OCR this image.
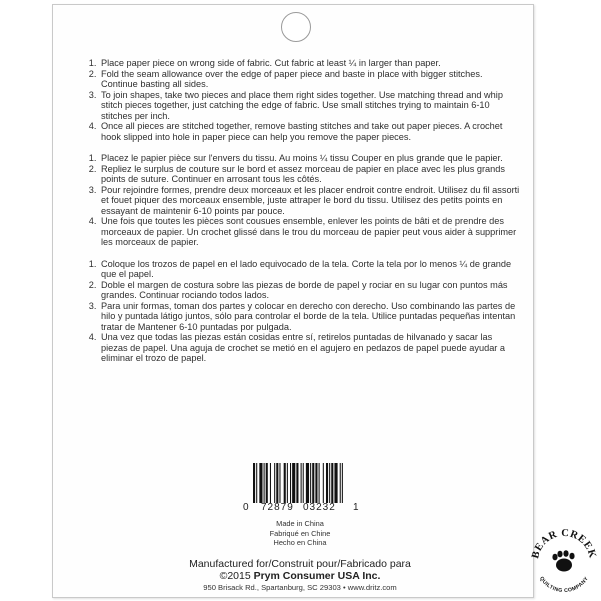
1. Place paper piece on wrong side of fabric. Cut fabric at least ¼ in larger than paper.
2. Fold the seam allowance over the edge of paper piece and baste in place with bigger stitches. Continue basting all sides.
3. To join shapes, take two pieces and place them right sides together. Use matching thread and whip stitch pieces together, just catching the edge of fabric. Use small stitches trying to maintain 6-10 stitches per inch.
4. Once all pieces are stitched together, remove basting stitches and take out paper pieces. A crochet hook slipped into hole in paper piece can help you remove the paper pieces.
1. Placez le papier pièce sur l'envers du tissu. Au moins ¼ tissu Couper en plus grande que le papier.
2. Repliez le surplus de couture sur le bord et assez morceau de papier en place avec les plus grands points de suture. Continuer en arrosant tous les côtés.
3. Pour rejoindre formes, prendre deux morceaux et les placer endroit contre endroit. Utilisez du fil assorti et fouet piquer des morceaux ensemble, juste attraper le bord du tissu. Utilisez des petits points en essayant de maintenir 6-10 points par pouce.
4. Une fois que toutes les pièces sont cousues ensemble, enlever les points de bâti et de prendre des morceaux de papier. Un crochet glissé dans le trou du morceau de papier peut vous aider à supprimer les morceaux de papier.
1. Coloque los trozos de papel en el lado equivocado de la tela. Corte la tela por lo menos ¼ de grande que el papel.
2. Doble el margen de costura sobre las piezas de borde de papel y rociar en su lugar con puntos más grandes. Continuar rociando todos lados.
3. Para unir formas, toman dos partes y colocar en derecho con derecho. Uso combinando las partes de hilo y puntada látigo juntos, sólo para controlar el borde de la tela. Utilice puntadas pequeñas intentan tratar de Mantener 6-10 puntadas por pulgada.
4. Una vez que todas las piezas están cosidas entre sí, retirelos puntadas de hilvanado y sacar las piezas de papel. Una aguja de crochet se metió en el agujero en pedazos de papel puede ayudar a eliminar el trozo de papel.
0 72879 03232 1
Made in China
Fabriqué en Chine
Hecho en China
Manufactured for/Construit pour/Fabricado para
©2015 Prym Consumer USA Inc.
950 Brisack Rd., Spartanburg, SC 29303 • www.dritz.com
BEAR CREEK
QUILTING COMPANY
